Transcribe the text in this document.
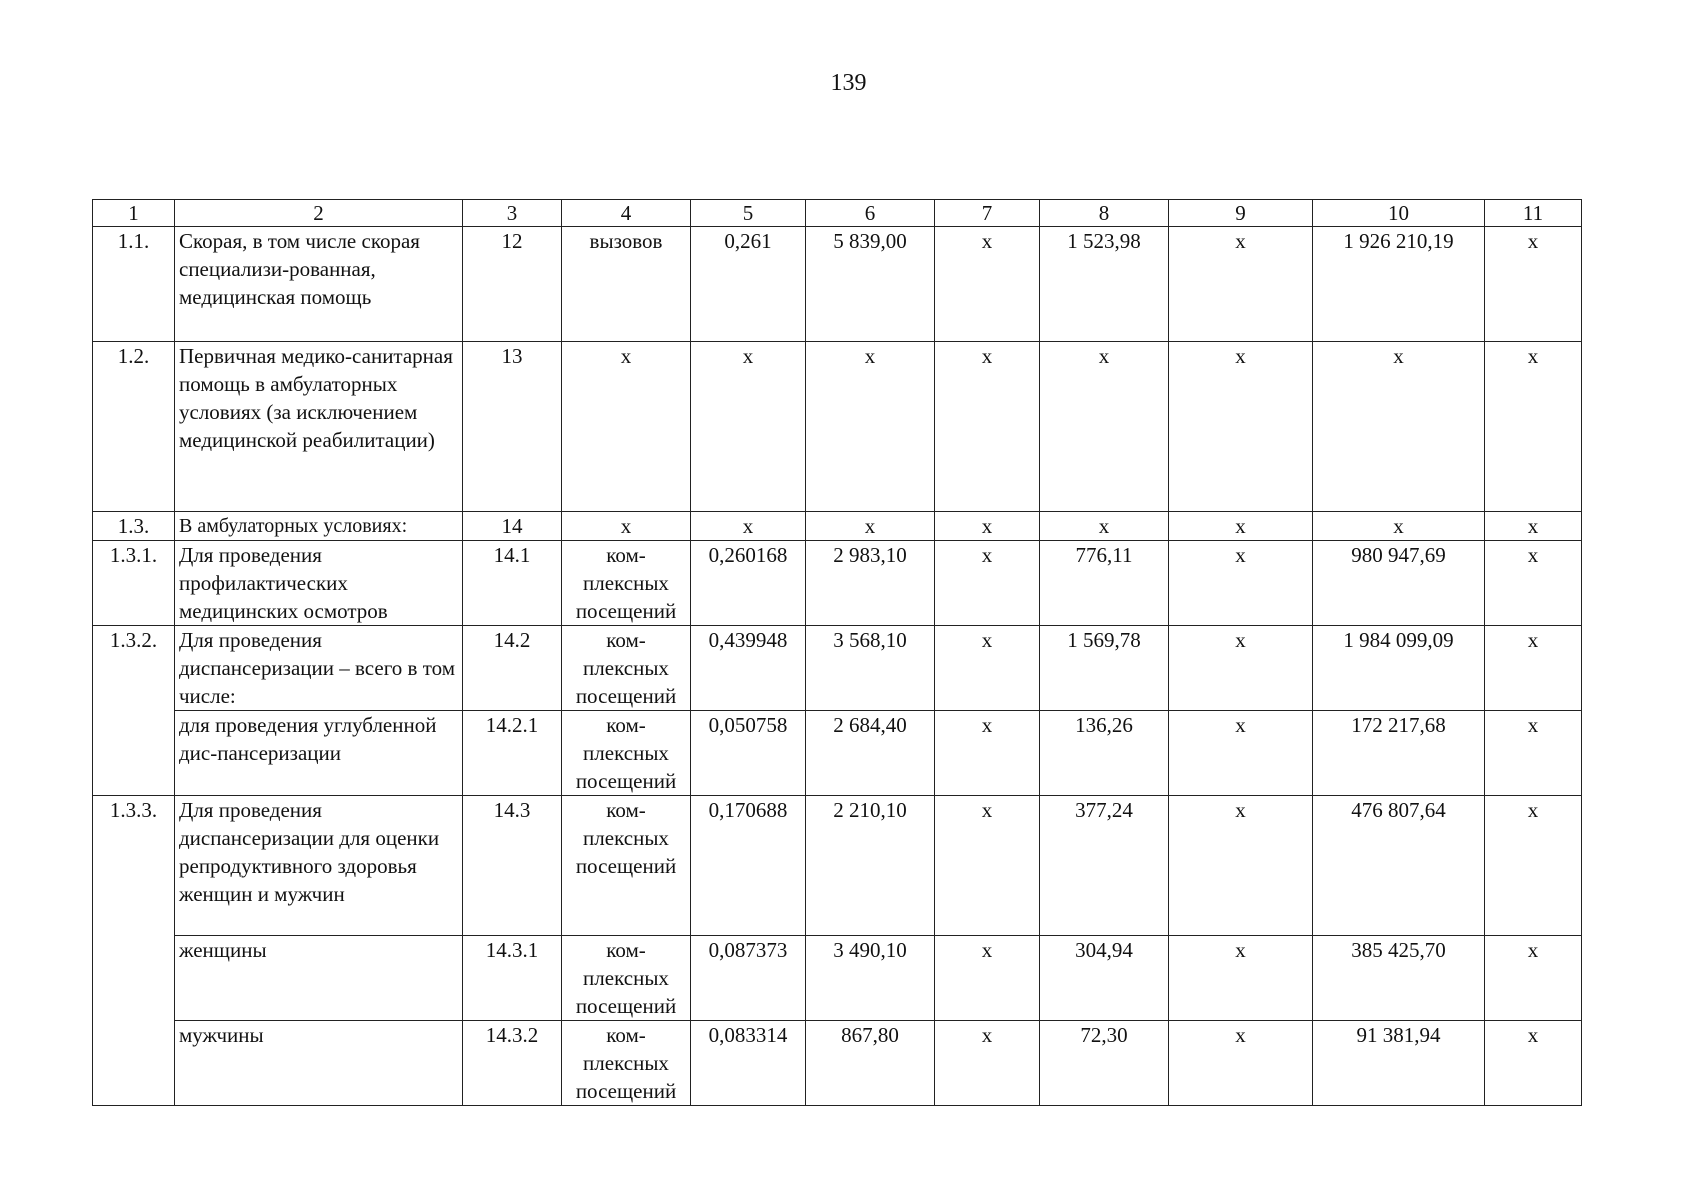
139
1	2	3	4	5	6	7	8	9	10	11
1.1.	Скорая, в том числе скорая специализи-рованная, медицинская помощь	12	вызовов	0,261	5 839,00	х	1 523,98	х	1 926 210,19	х
1.2.	Первичная медико-санитарная помощь в амбулаторных условиях (за исключением медицинской реабилитации)	13	х	х	х	х	х	х	х	х
1.3.	В амбулаторных условиях:	14	х	х	х	х	х	х	х	х
1.3.1.	Для проведения профилактических медицинских осмотров	14.1	ком-плексных посещений	0,260168	2 983,10	х	776,11	х	980 947,69	х
1.3.2.	Для проведения диспансеризации – всего в том числе:	14.2	ком-плексных посещений	0,439948	3 568,10	х	1 569,78	х	1 984 099,09	х
	для проведения углубленной дис-пансеризации	14.2.1	ком-плексных посещений	0,050758	2 684,40	х	136,26	х	172 217,68	х
1.3.3.	Для проведения диспансеризации для оценки репродуктивного здоровья женщин и мужчин	14.3	ком-плексных посещений	0,170688	2 210,10	х	377,24	х	476 807,64	х
	женщины	14.3.1	ком-плексных посещений	0,087373	3 490,10	х	304,94	х	385 425,70	х
	мужчины	14.3.2	ком-плексных посещений	0,083314	867,80	х	72,30	х	91 381,94	х
